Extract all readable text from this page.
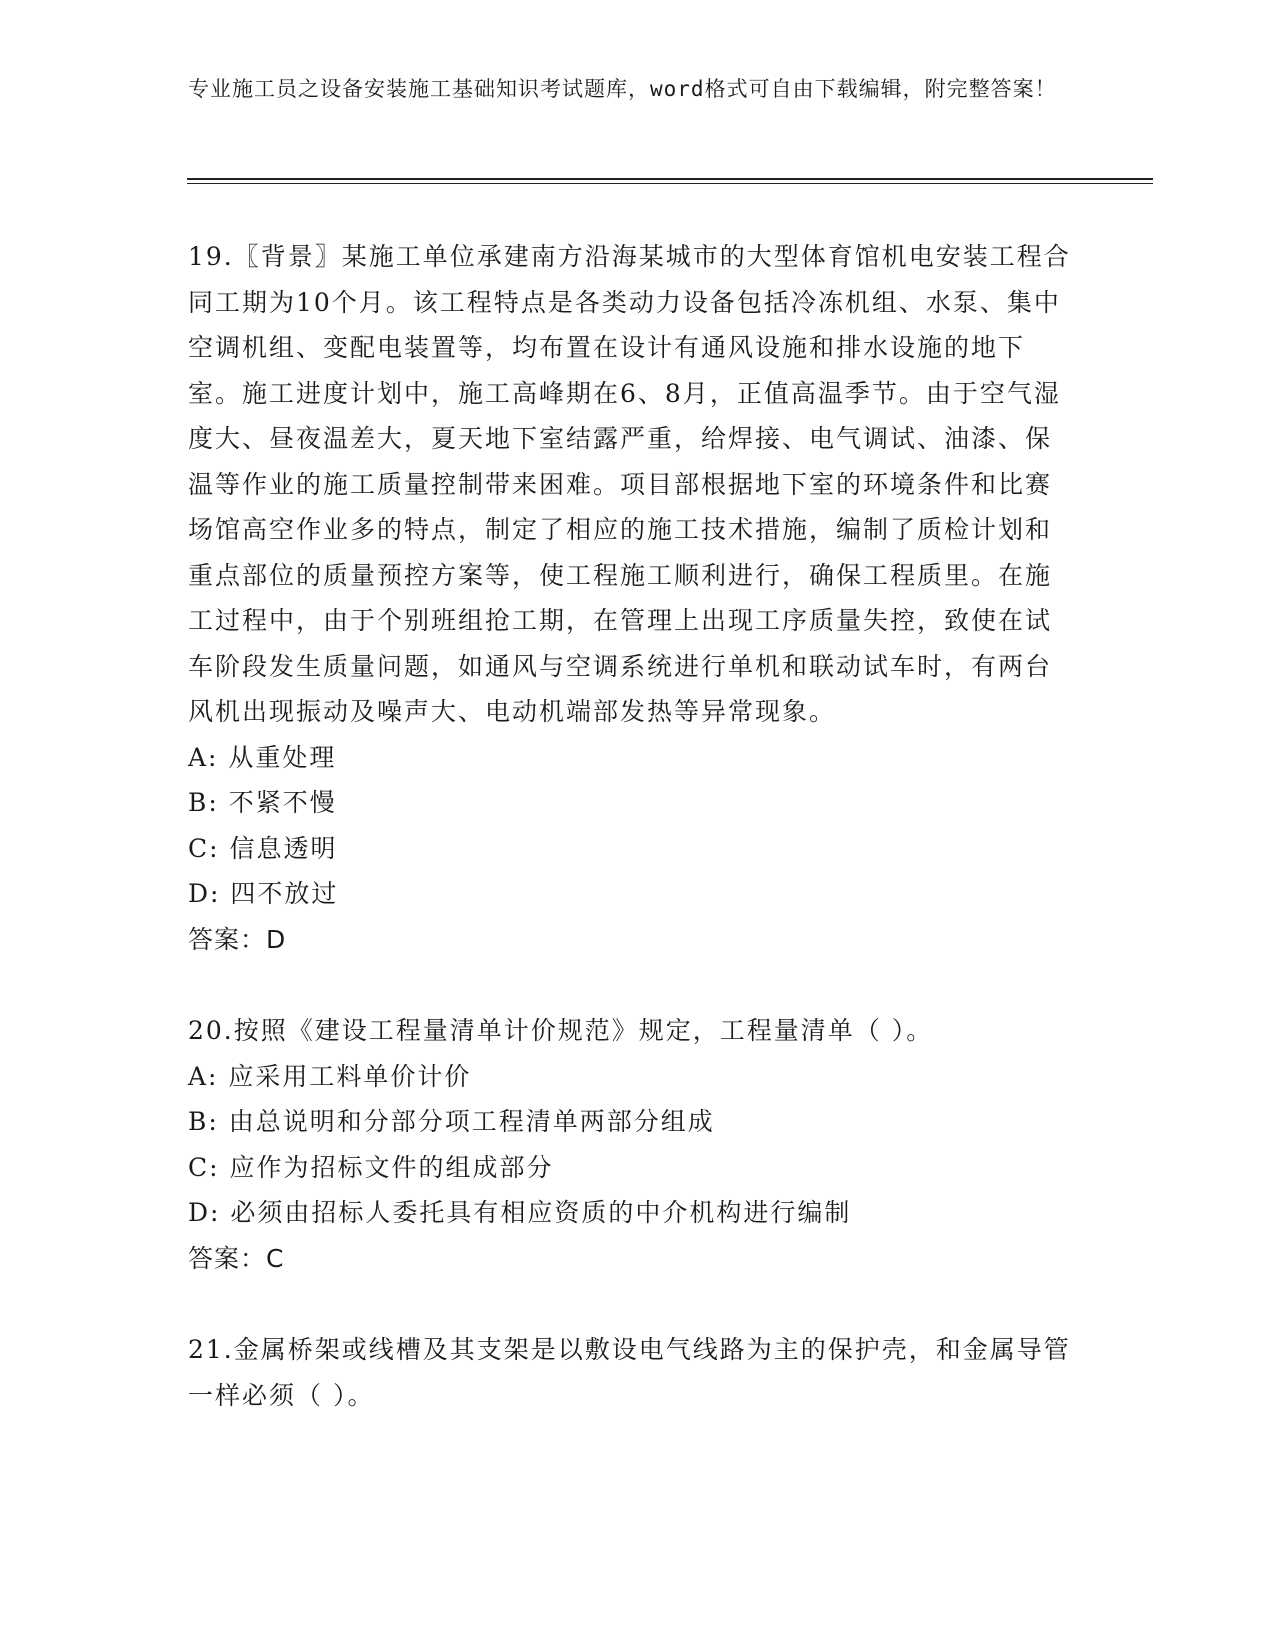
专业施工员之设备安装施工基础知识考试题库，word格式可自由下载编辑，附完整答案！

19.〖背景〗某施工单位承建南方沿海某城市的大型体育馆机电安装工程合同工期为10个月。该工程特点是各类动力设备包括冷冻机组、水泵、集中空调机组、变配电装置等，均布置在设计有通风设施和排水设施的地下室。施工进度计划中，施工高峰期在6、8月，正值高温季节。由于空气湿度大、昼夜温差大，夏天地下室结露严重，给焊接、电气调试、油漆、保温等作业的施工质量控制带来困难。项目部根据地下室的环境条件和比赛场馆高空作业多的特点，制定了相应的施工技术措施，编制了质检计划和重点部位的质量预控方案等，使工程施工顺利进行，确保工程质里。在施工过程中，由于个别班组抢工期，在管理上出现工序质量失控，致使在试车阶段发生质量问题，如通风与空调系统进行单机和联动试车时，有两台风机出现振动及噪声大、电动机端部发热等异常现象。

A: 从重处理

B: 不紧不慢

C: 信息透明

D: 四不放过

答案：D

20.按照《建设工程量清单计价规范》规定，工程量清单（ ）。

A: 应采用工料单价计价

B: 由总说明和分部分项工程清单两部分组成

C: 应作为招标文件的组成部分

D: 必须由招标人委托具有相应资质的中介机构进行编制

答案：C

21.金属桥架或线槽及其支架是以敷设电气线路为主的保护壳，和金属导管一样必须（ ）。
